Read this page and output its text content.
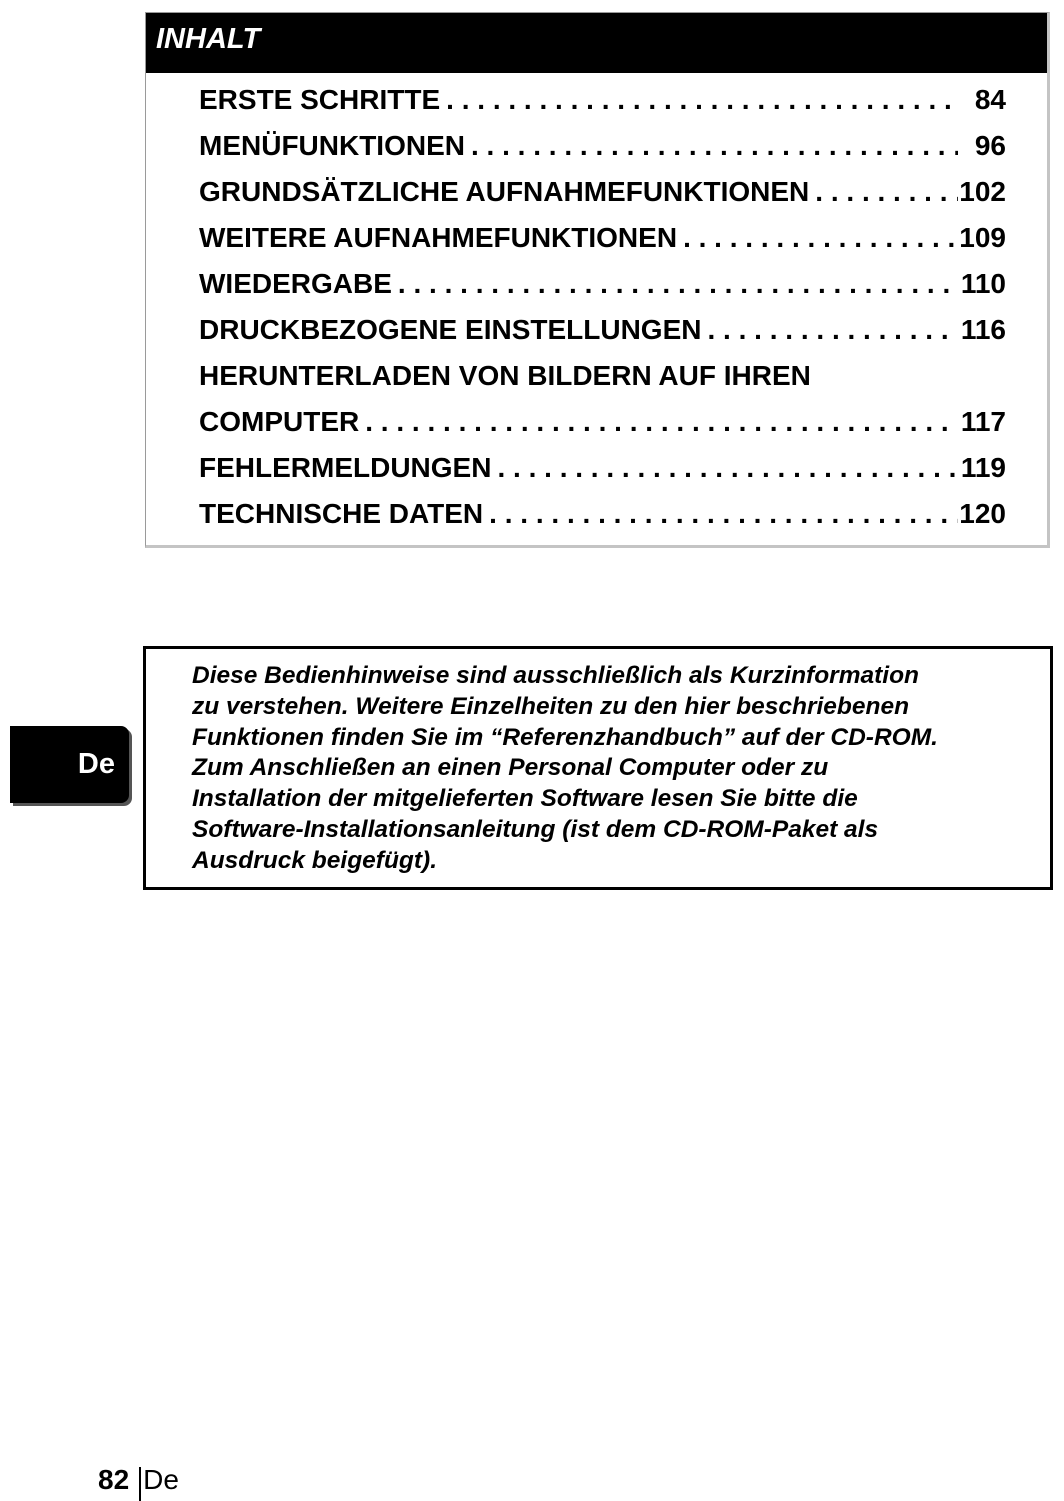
INHALT
ERSTE SCHRITTE . . .	84
MENÜFUNKTIONEN . . .	96
GRUNDSÄTZLICHE AUFNAHMEFUNKTIONEN . . .	102
WEITERE AUFNAHMEFUNKTIONEN . . .	109
WIEDERGABE . . .	110
DRUCKBEZOGENE EINSTELLUNGEN . . .	116
HERUNTERLADEN VON BILDERN AUF IHREN
COMPUTER . . .	117
FEHLERMELDUNGEN . . .	119
TECHNISCHE DATEN . . .	120
De

Diese Bedienhinweise sind ausschließlich als Kurzinformation
zu verstehen. Weitere Einzelheiten zu den hier beschriebenen
Funktionen finden Sie im “Referenzhandbuch” auf der CD-ROM.
Zum Anschließen an einen Personal Computer oder zu
Installation der mitgelieferten Software lesen Sie bitte die
Software-Installationsanleitung (ist dem CD-ROM-Paket als
Ausdruck beigefügt).

82 De
